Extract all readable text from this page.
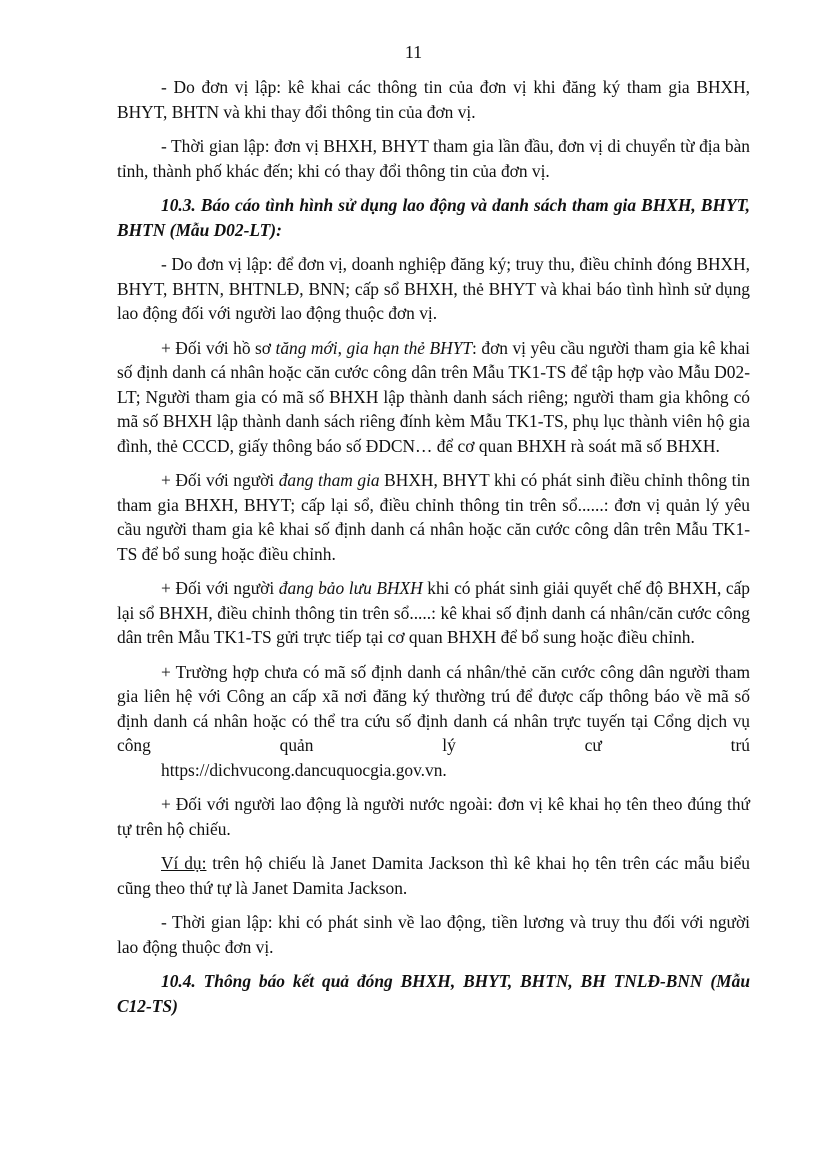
11

- Do đơn vị lập: kê khai các thông tin của đơn vị khi đăng ký tham gia BHXH, BHYT, BHTN và khi thay đổi thông tin của đơn vị.

- Thời gian lập: đơn vị BHXH, BHYT tham gia lần đầu, đơn vị di chuyển từ địa bàn tỉnh, thành phố khác đến; khi có thay đổi thông tin của đơn vị.

10.3. Báo cáo tình hình sử dụng lao động và danh sách tham gia BHXH, BHYT, BHTN (Mẫu D02-LT):

- Do đơn vị lập: để đơn vị, doanh nghiệp đăng ký; truy thu, điều chỉnh đóng BHXH, BHYT, BHTN, BHTNLĐ, BNN; cấp sổ BHXH, thẻ BHYT và khai báo tình hình sử dụng lao động đối với người lao động thuộc đơn vị.

+ Đối với hồ sơ tăng mới, gia hạn thẻ BHYT: đơn vị yêu cầu người tham gia kê khai số định danh cá nhân hoặc căn cước công dân trên Mẫu TK1-TS để tập hợp vào Mẫu D02-LT; Người tham gia có mã số BHXH lập thành danh sách riêng; người tham gia không có mã số BHXH lập thành danh sách riêng đính kèm Mẫu TK1-TS, phụ lục thành viên hộ gia đình, thẻ CCCD, giấy thông báo số ĐDCN… để cơ quan BHXH rà soát mã số BHXH.

+ Đối với người đang tham gia BHXH, BHYT khi có phát sinh điều chỉnh thông tin tham gia BHXH, BHYT; cấp lại sổ, điều chỉnh thông tin trên sổ......: đơn vị quản lý yêu cầu người tham gia kê khai số định danh cá nhân hoặc căn cước công dân trên Mẫu TK1-TS để bổ sung hoặc điều chỉnh.

+ Đối với người đang bảo lưu BHXH khi có phát sinh giải quyết chế độ BHXH, cấp lại sổ BHXH, điều chỉnh thông tin trên sổ.....: kê khai số định danh cá nhân/căn cước công dân trên Mẫu TK1-TS gửi trực tiếp tại cơ quan BHXH để bổ sung hoặc điều chỉnh.

+ Trường hợp chưa có mã số định danh cá nhân/thẻ căn cước công dân người tham gia liên hệ với Công an cấp xã nơi đăng ký thường trú để được cấp thông báo về mã số định danh cá nhân hoặc có thể tra cứu số định danh cá nhân trực tuyến tại Cổng dịch vụ công quản lý cư trú
https://dichvucong.dancuquocgia.gov.vn.

+ Đối với người lao động là người nước ngoài: đơn vị kê khai họ tên theo đúng thứ tự trên hộ chiếu.

Ví dụ: trên hộ chiếu là Janet Damita Jackson thì kê khai họ tên trên các mẫu biểu cũng theo thứ tự là Janet Damita Jackson.

- Thời gian lập: khi có phát sinh về lao động, tiền lương và truy thu đối với người lao động thuộc đơn vị.

10.4. Thông báo kết quả đóng BHXH, BHYT, BHTN, BH TNLĐ-BNN (Mẫu C12-TS)
